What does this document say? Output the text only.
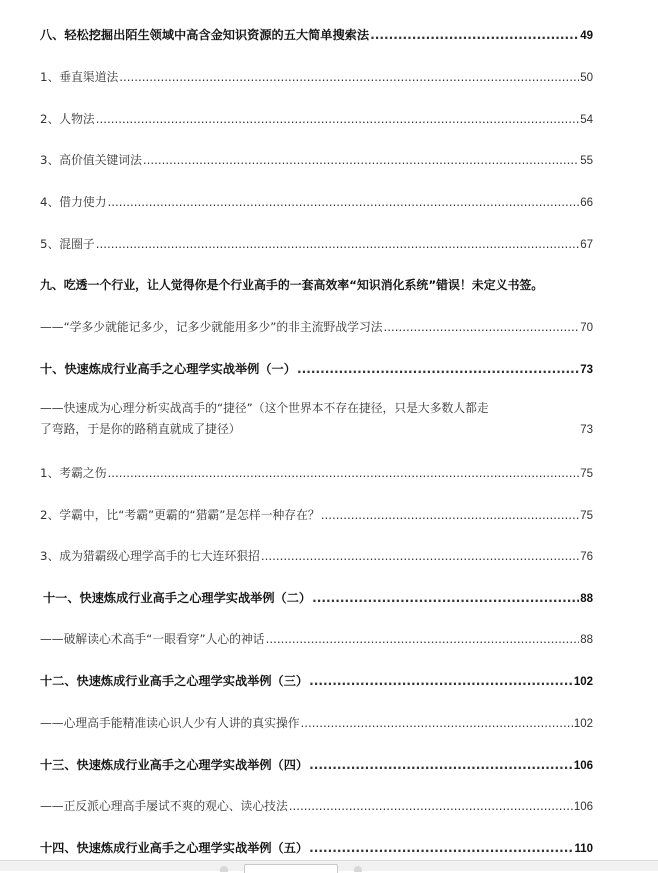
八、轻松挖掘出陌生领域中高含金知识资源的五大简单搜索法 .....	49
1、垂直渠道法 .....	50
2、人物法 .....	54
3、高价值关键词法 .....	55
4、借力使力 .....	66
5、混圈子 .....	67
九、吃透一个行业，让人觉得你是个行业高手的一套高效率“知识消化系统”错误！未定义书签。
——“学多少就能记多少，记多少就能用多少”的非主流野战学习法 .....	70
十、快速炼成行业高手之心理学实战举例（一） .....	73
——快速成为心理分析实战高手的“捷径”（这个世界本不存在捷径，只是大多数人都走
了弯路，于是你的路稍直就成了捷径）	73
1、考霸之伤 .....	75
2、学霸中，比“考霸”更霸的“猎霸”是怎样一种存在？ .....	75
3、成为猎霸级心理学高手的七大连环狠招 .....	76
十一、快速炼成行业高手之心理学实战举例（二） .....	88
——破解读心术高手“一眼看穿”人心的神话 .....	88
十二、快速炼成行业高手之心理学实战举例（三） .....	102
——心理高手能精准读心识人少有人讲的真实操作 .....	102
十三、快速炼成行业高手之心理学实战举例（四） .....	106
——正反派心理高手屡试不爽的观心、读心技法 .....	106
十四、快速炼成行业高手之心理学实战举例（五） .....	110
